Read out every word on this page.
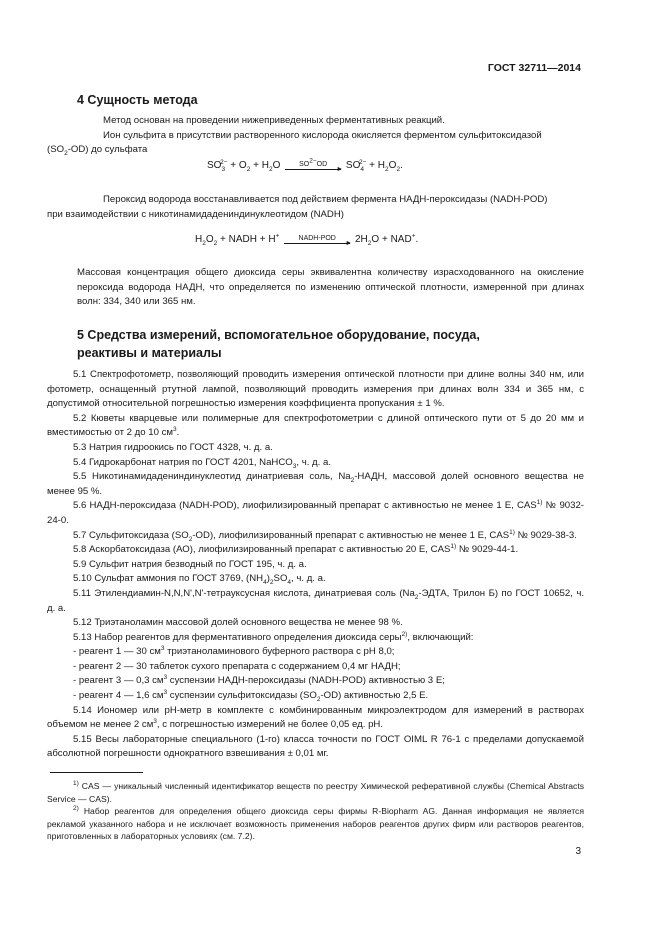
ГОСТ 32711—2014
4 Сущность метода

Метод основан на проведении нижеприведенных ферментативных реакций.

Ион сульфита в присутствии растворенного кислорода окисляется ферментом сульфитоксидазой

$(SO_2-OD)$ до сульфата

$SO_3^{2-} + O_2 + H_2O$	$SO^{2-}OD$
► $SO_4^{2-} + H_2O_2$.

Пероксид водорода восстанавливается под действием фермента НАДН-пероксидазы (NADH-POD)

при взаимодействии с никотинамидадениндинуклеотидом (NADH)

$H_2O_2$ + NADH + H+	NADH-POD
► $2H_2O + NAD^+$.

Массовая концентрация общего диоксида серы эквивалентна количеству израсходованного на окисление пероксида водорода НАДН, что определяется по изменению оптической плотности, измеренной при длинах волн: 334, 340 или 365 нм.

5 Средства измерений, вспомогательное оборудование, посуда,
реактивы и материалы

5.1 Спектрофотометр, позволяющий проводить измерения оптической плотности при длине волны 340 нм, или фотометр, оснащенный ртутной лампой, позволяющий проводить измерения при длинах волн 334 и 365 нм, с допустимой относительной погрешностью измерения коэффициента пропускания ± 1 %.

5.2 Кюветы кварцевые или полимерные для спектрофотометрии с длиной оптического пути от 5 до 20 мм и вместимостью от 2 до 10 $см^3$.

5.3 Натрия гидроокись по ГОСТ 4328, ч. д. а.

5.4 Гидрокарбонат натрия по ГОСТ 4201, NaHCO$_3$, ч. д. а.

5.5 Никотинамидадениндинуклеотид динатриевая соль, $Na_2$-НАДН, массовой долей основного вещества не менее 95 %.

5.6 НАДН-пероксидаза (NADH-POD), лиофилизированный препарат с активностью не менее 1 Е, CAS$^{1)}$ № 9032-24-0.

5.7 Сульфитоксидаза $(SO_2-OD)$, лиофилизированный препарат с активностью не менее 1 Е, CAS$^{1)}$ № 9029-38-3.

5.8 Аскорбатоксидаза (АО), лиофилизированный препарат с активностью 20 Е, CAS$^{1)}$ № 9029-44-1.

5.9 Сульфит натрия безводный по ГОСТ 195, ч. д. а.

5.10 Сульфат аммония по ГОСТ 3769, $(NH_4)_2SO_4$, ч. д. а.

5.11 Этилендиамин-N,N,N',N'-тетрауксусная кислота, динатриевая соль ($Na_2$-ЭДТА, Трилон Б) по ГОСТ 10652, ч. д. а.

5.12 Триэтаноламин массовой долей основного вещества не менее 98 %.

5.13 Набор реагентов для ферментативного определения диоксида серы$^{2)}$, включающий:

- реагент 1 — 30 $см^3$ триэтаноламинового буферного раствора с pH 8,0;

- реагент 2 — 30 таблеток сухого препарата с содержанием 0,4 мг НАДН;

- реагент 3 — 0,3 $см^3$ суспензии НАДН-пероксидазы (NADH-POD) активностью 3 Е;

- реагент 4 — 1,6 $см^3$ суспензии сульфитоксидазы $(SO_2-OD)$ активностью 2,5 Е.

5.14 Иономер или pH-метр в комплекте с комбинированным микроэлектродом для измерений в растворах объемом не менее 2 $см^3$, с погрешностью измерений не более 0,05 ед. pH.

5.15 Весы лабораторные специального (1-го) класса точности по ГОСТ OIML R 76-1 с пределами допускаемой абсолютной погрешности однократного взвешивания ± 0,01 мг.

$^{1)}$ CAS — уникальный численный идентификатор веществ по реестру Химической реферативной службы (Chemical Abstracts Service — CAS).

$^{2)}$ Набор реагентов для определения общего диоксида серы фирмы R-Biopharm AG. Данная информация не является рекламой указанного набора и не исключает возможность применения наборов реагентов других фирм или растворов реагентов, приготовленных в лабораторных условиях (см. 7.2).

3
